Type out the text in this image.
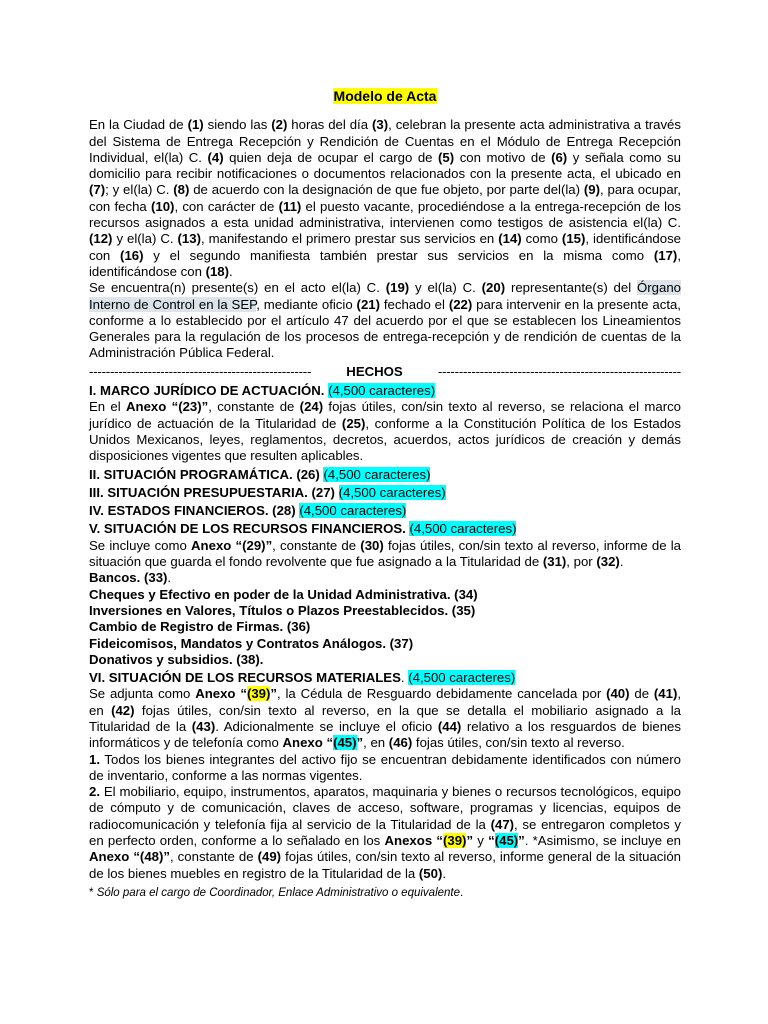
Modelo de Acta

En la Ciudad de (1) siendo las (2) horas del día (3), celebran la presente acta administrativa a través del Sistema de Entrega Recepción y Rendición de Cuentas en el Módulo de Entrega Recepción Individual, el(la) C. (4) quien deja de ocupar el cargo de (5) con motivo de (6) y señala como su domicilio para recibir notificaciones o documentos relacionados con la presente acta, el ubicado en (7); y el(la) C. (8) de acuerdo con la designación de que fue objeto, por parte del(la) (9), para ocupar, con fecha (10), con carácter de (11) el puesto vacante, procediéndose a la entrega-recepción de los recursos asignados a esta unidad administrativa, intervienen como testigos de asistencia el(la) C. (12) y el(la) C. (13), manifestando el primero prestar sus servicios en (14) como (15), identificándose con (16) y el segundo manifiesta también prestar sus servicios en la misma como (17), identificándose con (18).

Se encuentra(n) presente(s) en el acto el(la) C. (19) y el(la) C. (20) representante(s) del Órgano Interno de Control en la SEP, mediante oficio (21) fechado el (22) para intervenir en la presente acta, conforme a lo establecido por el artículo 47 del acuerdo por el que se establecen los Lineamientos Generales para la regulación de los procesos de entrega-recepción y de rendición de cuentas de la Administración Pública Federal.

-----------------------------------------------------	HECHOS	----------------------------------------------------------
I. MARCO JURÍDICO DE ACTUACIÓN. (4,500 caracteres)

En el Anexo “(23)”, constante de (24) fojas útiles, con/sin texto al reverso, se relaciona el marco jurídico de actuación de la Titularidad de (25), conforme a la Constitución Política de los Estados Unidos Mexicanos, leyes, reglamentos, decretos, acuerdos, actos jurídicos de creación y demás disposiciones vigentes que resulten aplicables.

II. SITUACIÓN PROGRAMÁTICA. (26) (4,500 caracteres)
III. SITUACIÓN PRESUPUESTARIA. (27) (4,500 caracteres)
IV. ESTADOS FINANCIEROS. (28) (4,500 caracteres)
V. SITUACIÓN DE LOS RECURSOS FINANCIEROS. (4,500 caracteres)

Se incluye como Anexo “(29)”, constante de (30) fojas útiles, con/sin texto al reverso, informe de la situación que guarda el fondo revolvente que fue asignado a la Titularidad de (31), por (32).

Bancos. (33).
Cheques y Efectivo en poder de la Unidad Administrativa. (34)
Inversiones en Valores, Títulos o Plazos Preestablecidos. (35)
Cambio de Registro de Firmas. (36)
Fideicomisos, Mandatos y Contratos Análogos. (37)
Donativos y subsidios. (38).
VI. SITUACIÓN DE LOS RECURSOS MATERIALES. (4,500 caracteres)

Se adjunta como Anexo “(39)”, la Cédula de Resguardo debidamente cancelada por (40) de (41), en (42) fojas útiles, con/sin texto al reverso, en la que se detalla el mobiliario asignado a la Titularidad de la (43). Adicionalmente se incluye el oficio (44) relativo a los resguardos de bienes informáticos y de telefonía como Anexo “(45)”, en (46) fojas útiles, con/sin texto al reverso.

1. Todos los bienes integrantes del activo fijo se encuentran debidamente identificados con número de inventario, conforme a las normas vigentes.

2. El mobiliario, equipo, instrumentos, aparatos, maquinaria y bienes o recursos tecnológicos, equipo de cómputo y de comunicación, claves de acceso, software, programas y licencias, equipos de radiocomunicación y telefonía fija al servicio de la Titularidad de la (47), se entregaron completos y en perfecto orden, conforme a lo señalado en los Anexos “(39)” y “(45)”. *Asimismo, se incluye en Anexo “(48)”, constante de (49) fojas útiles, con/sin texto al reverso, informe general de la situación de los bienes muebles en registro de la Titularidad de la (50).

* Sólo para el cargo de Coordinador, Enlace Administrativo o equivalente.
